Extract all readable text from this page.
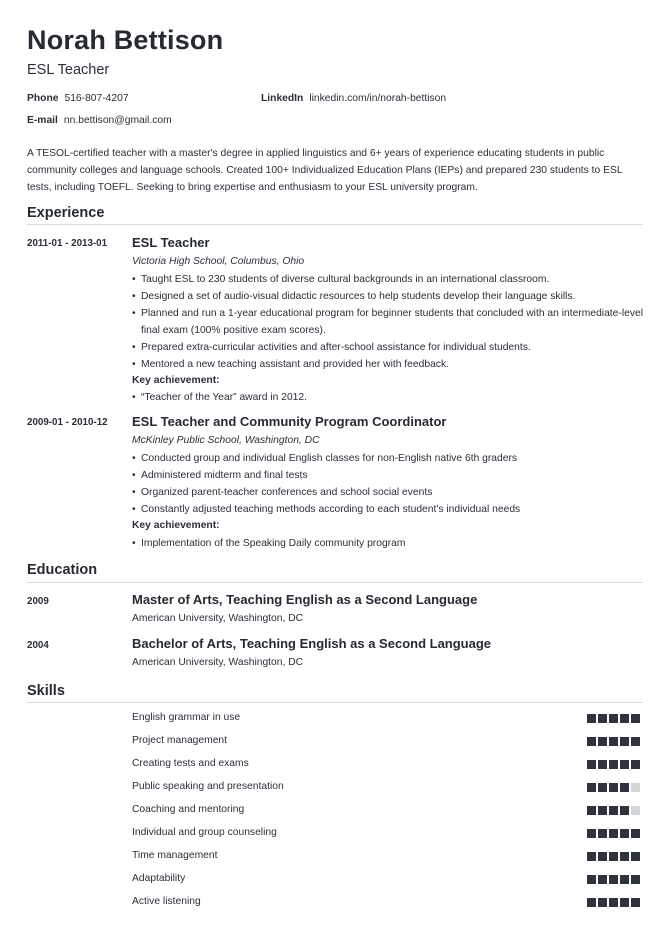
Norah Bettison
ESL Teacher
Phone 516-807-4207	LinkedIn linkedin.com/in/norah-bettison
E-mail nn.bettison@gmail.com

A TESOL-certified teacher with a master's degree in applied linguistics and 6+ years of experience educating students in public community colleges and language schools. Created 100+ Individualized Education Plans (IEPs) and prepared 230 students to ESL tests, including TOEFL. Seeking to bring expertise and enthusiasm to your ESL university program.

Experience
2011-01 - 2013-01 ESL Teacher
Victoria High School, Columbus, Ohio
• Taught ESL to 230 students of diverse cultural backgrounds in an international classroom.
• Designed a set of audio-visual didactic resources to help students develop their language skills.
• Planned and run a 1-year educational program for beginner students that concluded with an intermediate-level final exam (100% positive exam scores).
• Prepared extra-curricular activities and after-school assistance for individual students.
• Mentored a new teaching assistant and provided her with feedback.
Key achievement:
• “Teacher of the Year” award in 2012.
2009-01 - 2010-12 ESL Teacher and Community Program Coordinator
McKinley Public School, Washington, DC
• Conducted group and individual English classes for non-English native 6th graders
• Administered midterm and final tests
• Organized parent-teacher conferences and school social events
• Constantly adjusted teaching methods according to each student's individual needs
Key achievement:
• Implementation of the Speaking Daily community program
Education
2009	Master of Arts, Teaching English as a Second Language
American University, Washington, DC
2004	Bachelor of Arts, Teaching English as a Second Language
American University, Washington, DC
Skills
English grammar in use
Project management
Creating tests and exams
Public speaking and presentation
Coaching and mentoring
Individual and group counseling
Time management
Adaptability
Active listening
